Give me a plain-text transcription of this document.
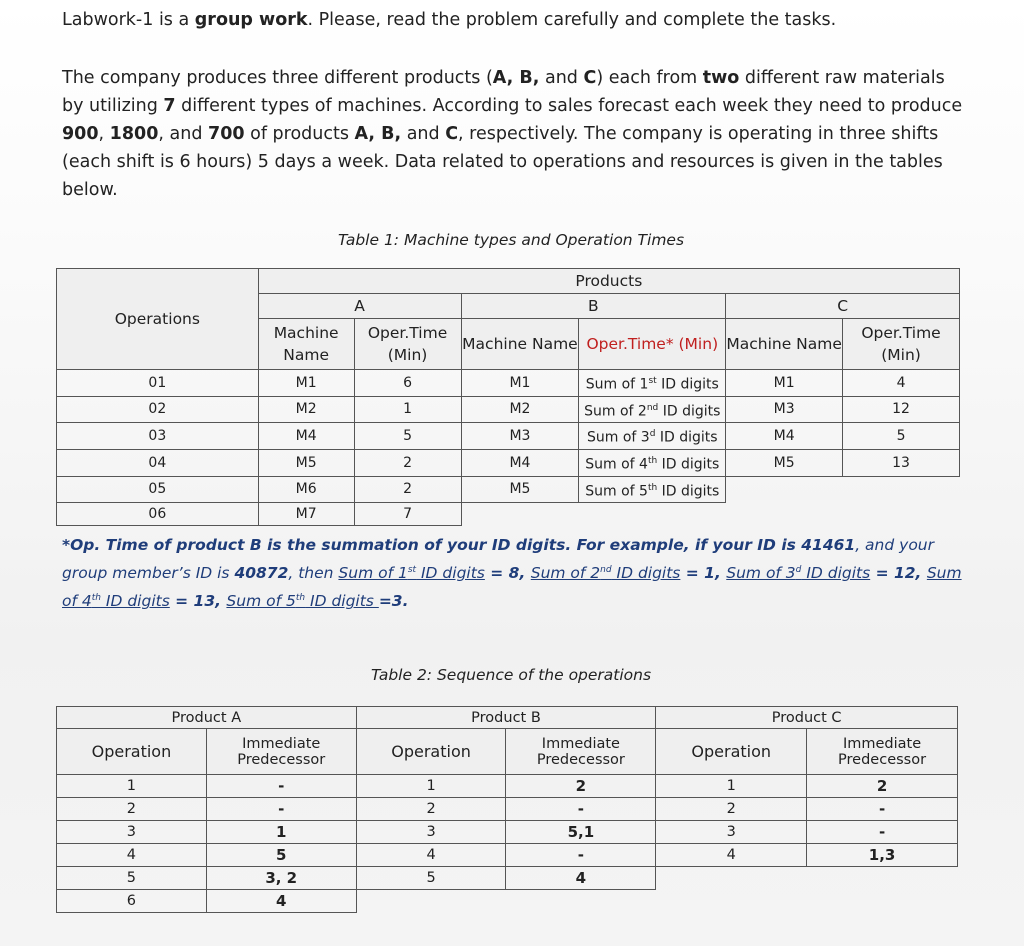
Labwork-1 is a group work. Please, read the problem carefully and complete the tasks.
The company produces three different products (A, B, and C) each from two different raw materials by utilizing 7 different types of machines. According to sales forecast each week they need to produce 900, 1800, and 700 of products A, B, and C, respectively. The company is operating in three shifts (each shift is 6 hours) 5 days a week. Data related to operations and resources is given in the tables below.
Table 1: Machine types and Operation Times
Operations	Products					
	A		B		C	
	Machine Name	Oper.Time (Min)	Machine Name	Oper.Time* (Min)	Machine Name	Oper.Time (Min)
01	M1	6	M1	Sum of 1st ID digits	M1	4
02	M2	1	M2	Sum of 2nd ID digits	M3	12
03	M4	5	M3	Sum of 3$^d$ ID digits	M4	5
04	M5	2	M4	Sum of 4th ID digits	M5	13
05	M6	2	M5	Sum of 5th ID digits		
06	M7	7				
*Op. Time of product B is the summation of your ID digits. For example, if your ID is 41461, and your group member’s ID is 40872, then Sum of 1st ID digits = 8, Sum of 2nd ID digits = 1, Sum of 3$^d$ ID digits = 12, Sum of 4th ID digits = 13, Sum of 5th ID digits =3.
Table 2: Sequence of the operations
Product A		Product B		Product C	
Operation	Immediate Predecessor	Operation	Immediate Predecessor	Operation	Immediate Predecessor
1	-	1	2	1	2
2	-	2	-	2	-
3	1	3	5,1	3	-
4	5	4	-	4	1,3
5	3, 2	5	4		
6	4				
